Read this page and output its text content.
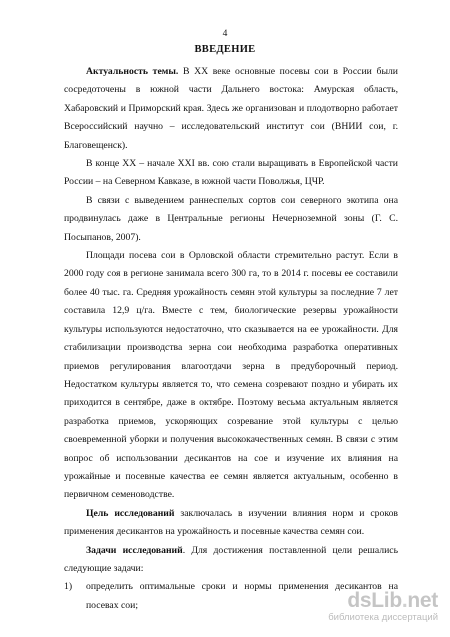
4
ВВЕДЕНИЕ

Актуальность темы. В XX веке основные посевы сои в России были сосредоточены в южной части Дальнего востока: Амурская область, Хабаровский и Приморский края. Здесь же организован и плодотворно работает Всероссийский научно – исследовательский институт сои (ВНИИ сои, г. Благовещенск).

В конце XX – начале XXI вв. сою стали выращивать в Европейской части России – на Северном Кавказе, в южной части Поволжья, ЦЧР.

В связи с выведением раннеспелых сортов сои северного экотипа она продвинулась даже в Центральные регионы Нечерноземной зоны (Г. С. Посыпанов, 2007).

Площади посева сои в Орловской области стремительно растут. Если в 2000 году соя в регионе занимала всего 300 га, то в 2014 г. посевы ее составили более 40 тыс. га. Средняя урожайность семян этой культуры за последние 7 лет составила 12,9 ц/га. Вместе с тем, биологические резервы урожайности культуры используются недостаточно, что сказывается на ее урожайности. Для стабилизации производства зерна сои необходима разработка оперативных приемов регулирования влагоотдачи зерна в предуборочный период. Недостатком культуры является то, что семена созревают поздно и убирать их приходится в сентябре, даже в октябре. Поэтому весьма актуальным является разработка приемов, ускоряющих созревание этой культуры с целью своевременной уборки и получения высококачественных семян. В связи с этим вопрос об использовании десикантов на сое и изучение их влияния на урожайные и посевные качества ее семян является актуальным, особенно в первичном семеноводстве.

Цель исследований заключалась в изучении влияния норм и сроков применения десикантов на урожайность и посевные качества семян сои.

Задачи исследований. Для достижения поставленной цели решались следующие задачи:

1)	определить оптимальные сроки и нормы применения десикантов на посевах сои;	dsLib.net
библиотека диссертаций
